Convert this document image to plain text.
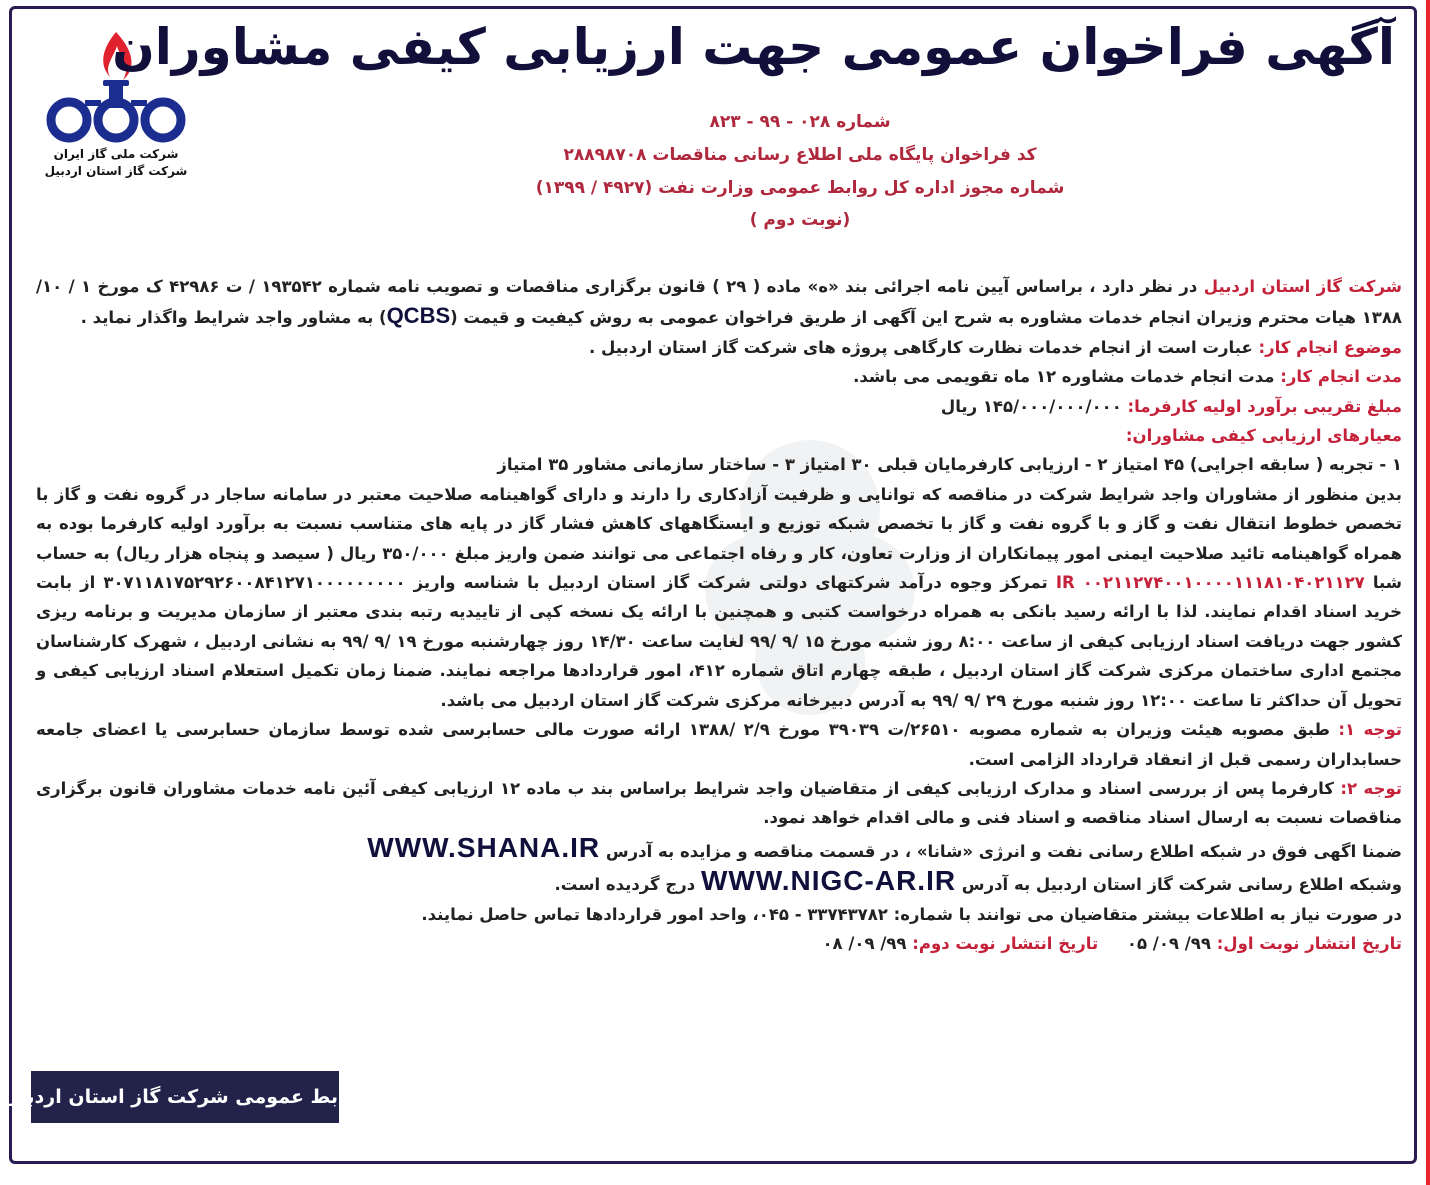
شرکت ملی گاز ایران
شرکت گاز استان اردبیل
آگهی فراخوان عمومی جهت ارزیابی کیفی مشاوران
شماره ۰۲۸ - ۹۹ - ۸۲۳
کد فراخوان پایگاه ملی اطلاع رسانی مناقصات ۲۸۸۹۸۷۰۸
شماره مجوز اداره کل روابط عمومی وزارت نفت (۴۹۲۷ / ۱۳۹۹)
(نوبت دوم )

شرکت گاز استان اردبیل در نظر دارد ، براساس آیین نامه اجرائی بند «ه» ماده ( ۲۹ ) قانون برگزاری مناقصات و تصویب نامه شماره ۱۹۳۵۴۲ / ت ۴۲۹۸۶ ک مورخ ۱ / ۱۰/ ۱۳۸۸ هیات محترم وزیران انجام خدمات مشاوره به شرح این آگهی از طریق فراخوان عمومی به روش کیفیت و قیمت (QCBS) به مشاور واجد شرایط واگذار نماید .

موضوع انجام کار: عبارت است از انجام خدمات نظارت کارگاهی پروژه های شرکت گاز استان اردبیل .

مدت انجام کار: مدت انجام خدمات مشاوره ۱۲ ماه تقویمی می باشد.

مبلغ تقریبی برآورد اولیه کارفرما: ۱۴۵/۰۰۰/۰۰۰/۰۰۰ ریال

معیارهای ارزیابی کیفی مشاوران:

۱ - تجربه ( سابقه اجرایی) ۴۵ امتیاز ۲ - ارزیابی کارفرمایان قبلی ۳۰ امتیاز ۳ - ساختار سازمانی مشاور ۳۵ امتیاز

بدین منظور از مشاوران واجد شرایط شرکت در مناقصه که توانایی و ظرفیت آزادکاری را دارند و دارای گواهینامه صلاحیت معتبر در سامانه ساجار در گروه نفت و گاز با تخصص خطوط انتقال نفت و گاز و با گروه نفت و گاز با تخصص شبکه توزیع و ایستگاههای کاهش فشار گاز در پایه های متناسب نسبت به برآورد اولیه کارفرما بوده به همراه گواهینامه تائید صلاحیت ایمنی امور پیمانکاران از وزارت تعاون، کار و رفاه اجتماعی می توانند ضمن واریز مبلغ ۳۵۰/۰۰۰ ریال ( سیصد و پنجاه هزار ریال) به حساب شبا IR ۰۰۲۱۱۲۷۴۰۰۱۰۰۰۰۱۱۱۸۱۰۴۰۲۱۱۲۷ تمرکز وجوه درآمد شرکتهای دولتی شرکت گاز استان اردبیل با شناسه واریز ۳۰۷۱۱۸۱۷۵۲۹۲۶۰۰۸۴۱۲۷۱۰۰۰۰۰۰۰۰۰ از بابت خرید اسناد اقدام نمایند. لذا با ارائه رسید بانکی به همراه درخواست کتبی و همچنین با ارائه یک نسخه کپی از تاییدیه رتبه بندی معتبر از سازمان مدیریت و برنامه ریزی کشور جهت دریافت اسناد ارزیابی کیفی از ساعت ۸:۰۰ روز شنبه مورخ ۱۵ /۹ /۹۹ لغایت ساعت ۱۴/۳۰ روز چهارشنبه مورخ ۱۹ /۹ /۹۹ به نشانی اردبیل ، شهرک کارشناسان مجتمع اداری ساختمان مرکزی شرکت گاز استان اردبیل ، طبقه چهارم اتاق شماره ۴۱۲، امور قراردادها مراجعه نمایند. ضمنا زمان تکمیل استعلام اسناد ارزیابی کیفی و تحویل آن حداکثر تا ساعت ۱۲:۰۰ روز شنبه مورخ ۲۹ /۹ /۹۹ به آدرس دبیرخانه مرکزی شرکت گاز استان اردبیل می باشد.

توجه ۱: طبق مصوبه هیئت وزیران به شماره مصوبه ۲۶۵۱۰/ت ۳۹۰۳۹ مورخ ۲/۹ /۱۳۸۸ ارائه صورت مالی حسابرسی شده توسط سازمان حسابرسی یا اعضای جامعه حسابداران رسمی قبل از انعقاد قرارداد الزامی است.

توجه ۲: کارفرما پس از بررسی اسناد و مدارک ارزیابی کیفی از متقاضیان واجد شرایط براساس بند ب ماده ۱۲ ارزیابی کیفی آئین نامه خدمات مشاوران قانون برگزاری مناقصات نسبت به ارسال اسناد مناقصه و اسناد فنی و مالی اقدام خواهد نمود.

ضمنا اگهی فوق در شبکه اطلاع رسانی نفت و انرژی «شانا» ، در قسمت مناقصه و مزایده به آدرس WWW.SHANA.IR

وشبکه اطلاع رسانی شرکت گاز استان اردبیل به آدرس WWW.NIGC-AR.IR درج گردیده است.

در صورت نیاز به اطلاعات بیشتر متقاضیان می توانند با شماره: ۳۳۷۴۳۷۸۲ - ۰۴۵، واحد امور قراردادها تماس حاصل نمایند.

تاریخ انتشار نوبت اول: ۹۹/ ۰۹/ ۰۵     تاریخ انتشار نوبت دوم: ۹۹/ ۰۹/ ۰۸

روابط عمومی شرکت گاز استان اردبیل
